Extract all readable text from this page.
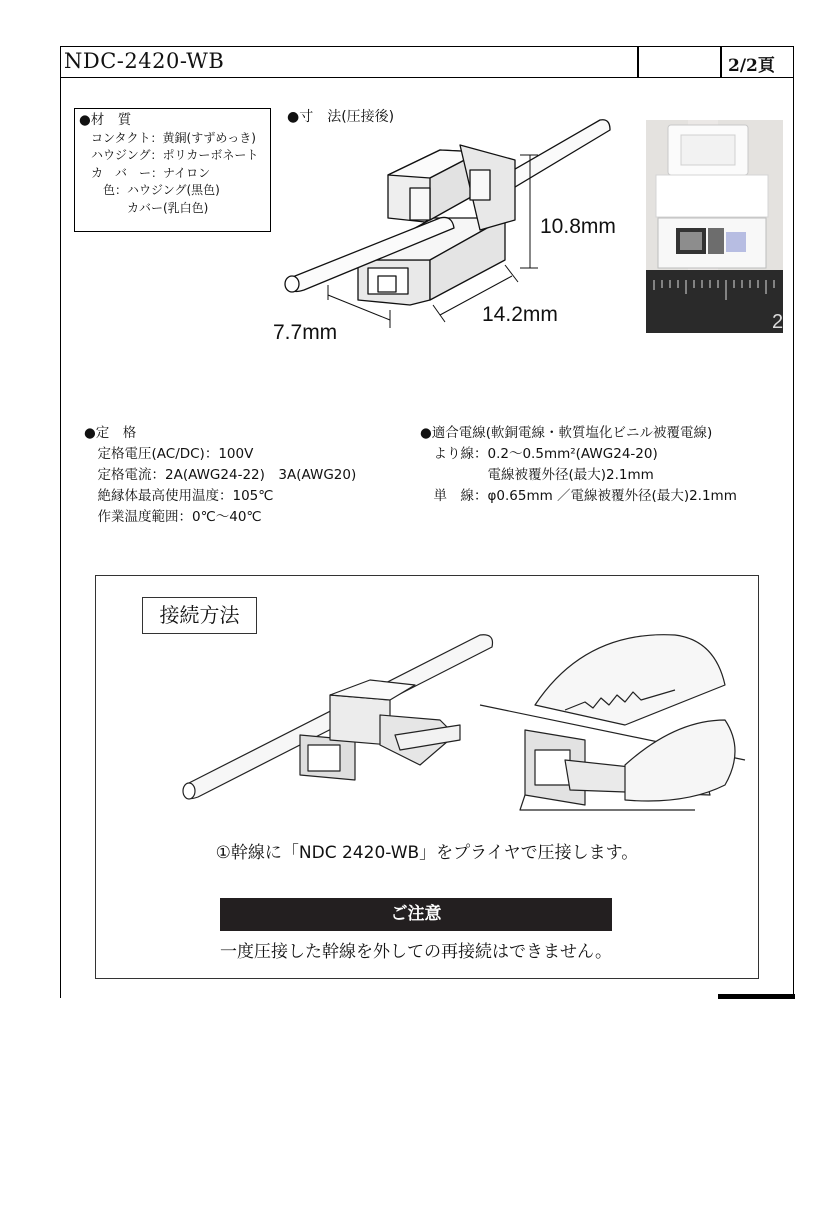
NDC-2420-WB	2/2頁
●材　質
　コンタクト：黄銅(すずめっき)
　ハウジング：ポリカーボネート
　カ　バ　ー：ナイロン
　　色：ハウジング(黒色)
　　　　カバー(乳白色)
●寸　法(圧接後)
10.8mm
14.2mm
7.7mm	2
●定　格
　定格電圧(AC/DC)：100V
　定格電流：2A(AWG24-22)　3A(AWG20)
　絶縁体最高使用温度：105℃
　作業温度範囲：0℃〜40℃
●適合電線(軟銅電線・軟質塩化ビニル被覆電線)
　より線：0.2〜0.5mm²(AWG24-20)
　　　　　電線被覆外径(最大)2.1mm
　単　線：φ0.65mm ／電線被覆外径(最大)2.1mm
接続方法
①幹線に「NDC 2420-WB」をプライヤで圧接します。
ご注意
一度圧接した幹線を外しての再接続はできません。
